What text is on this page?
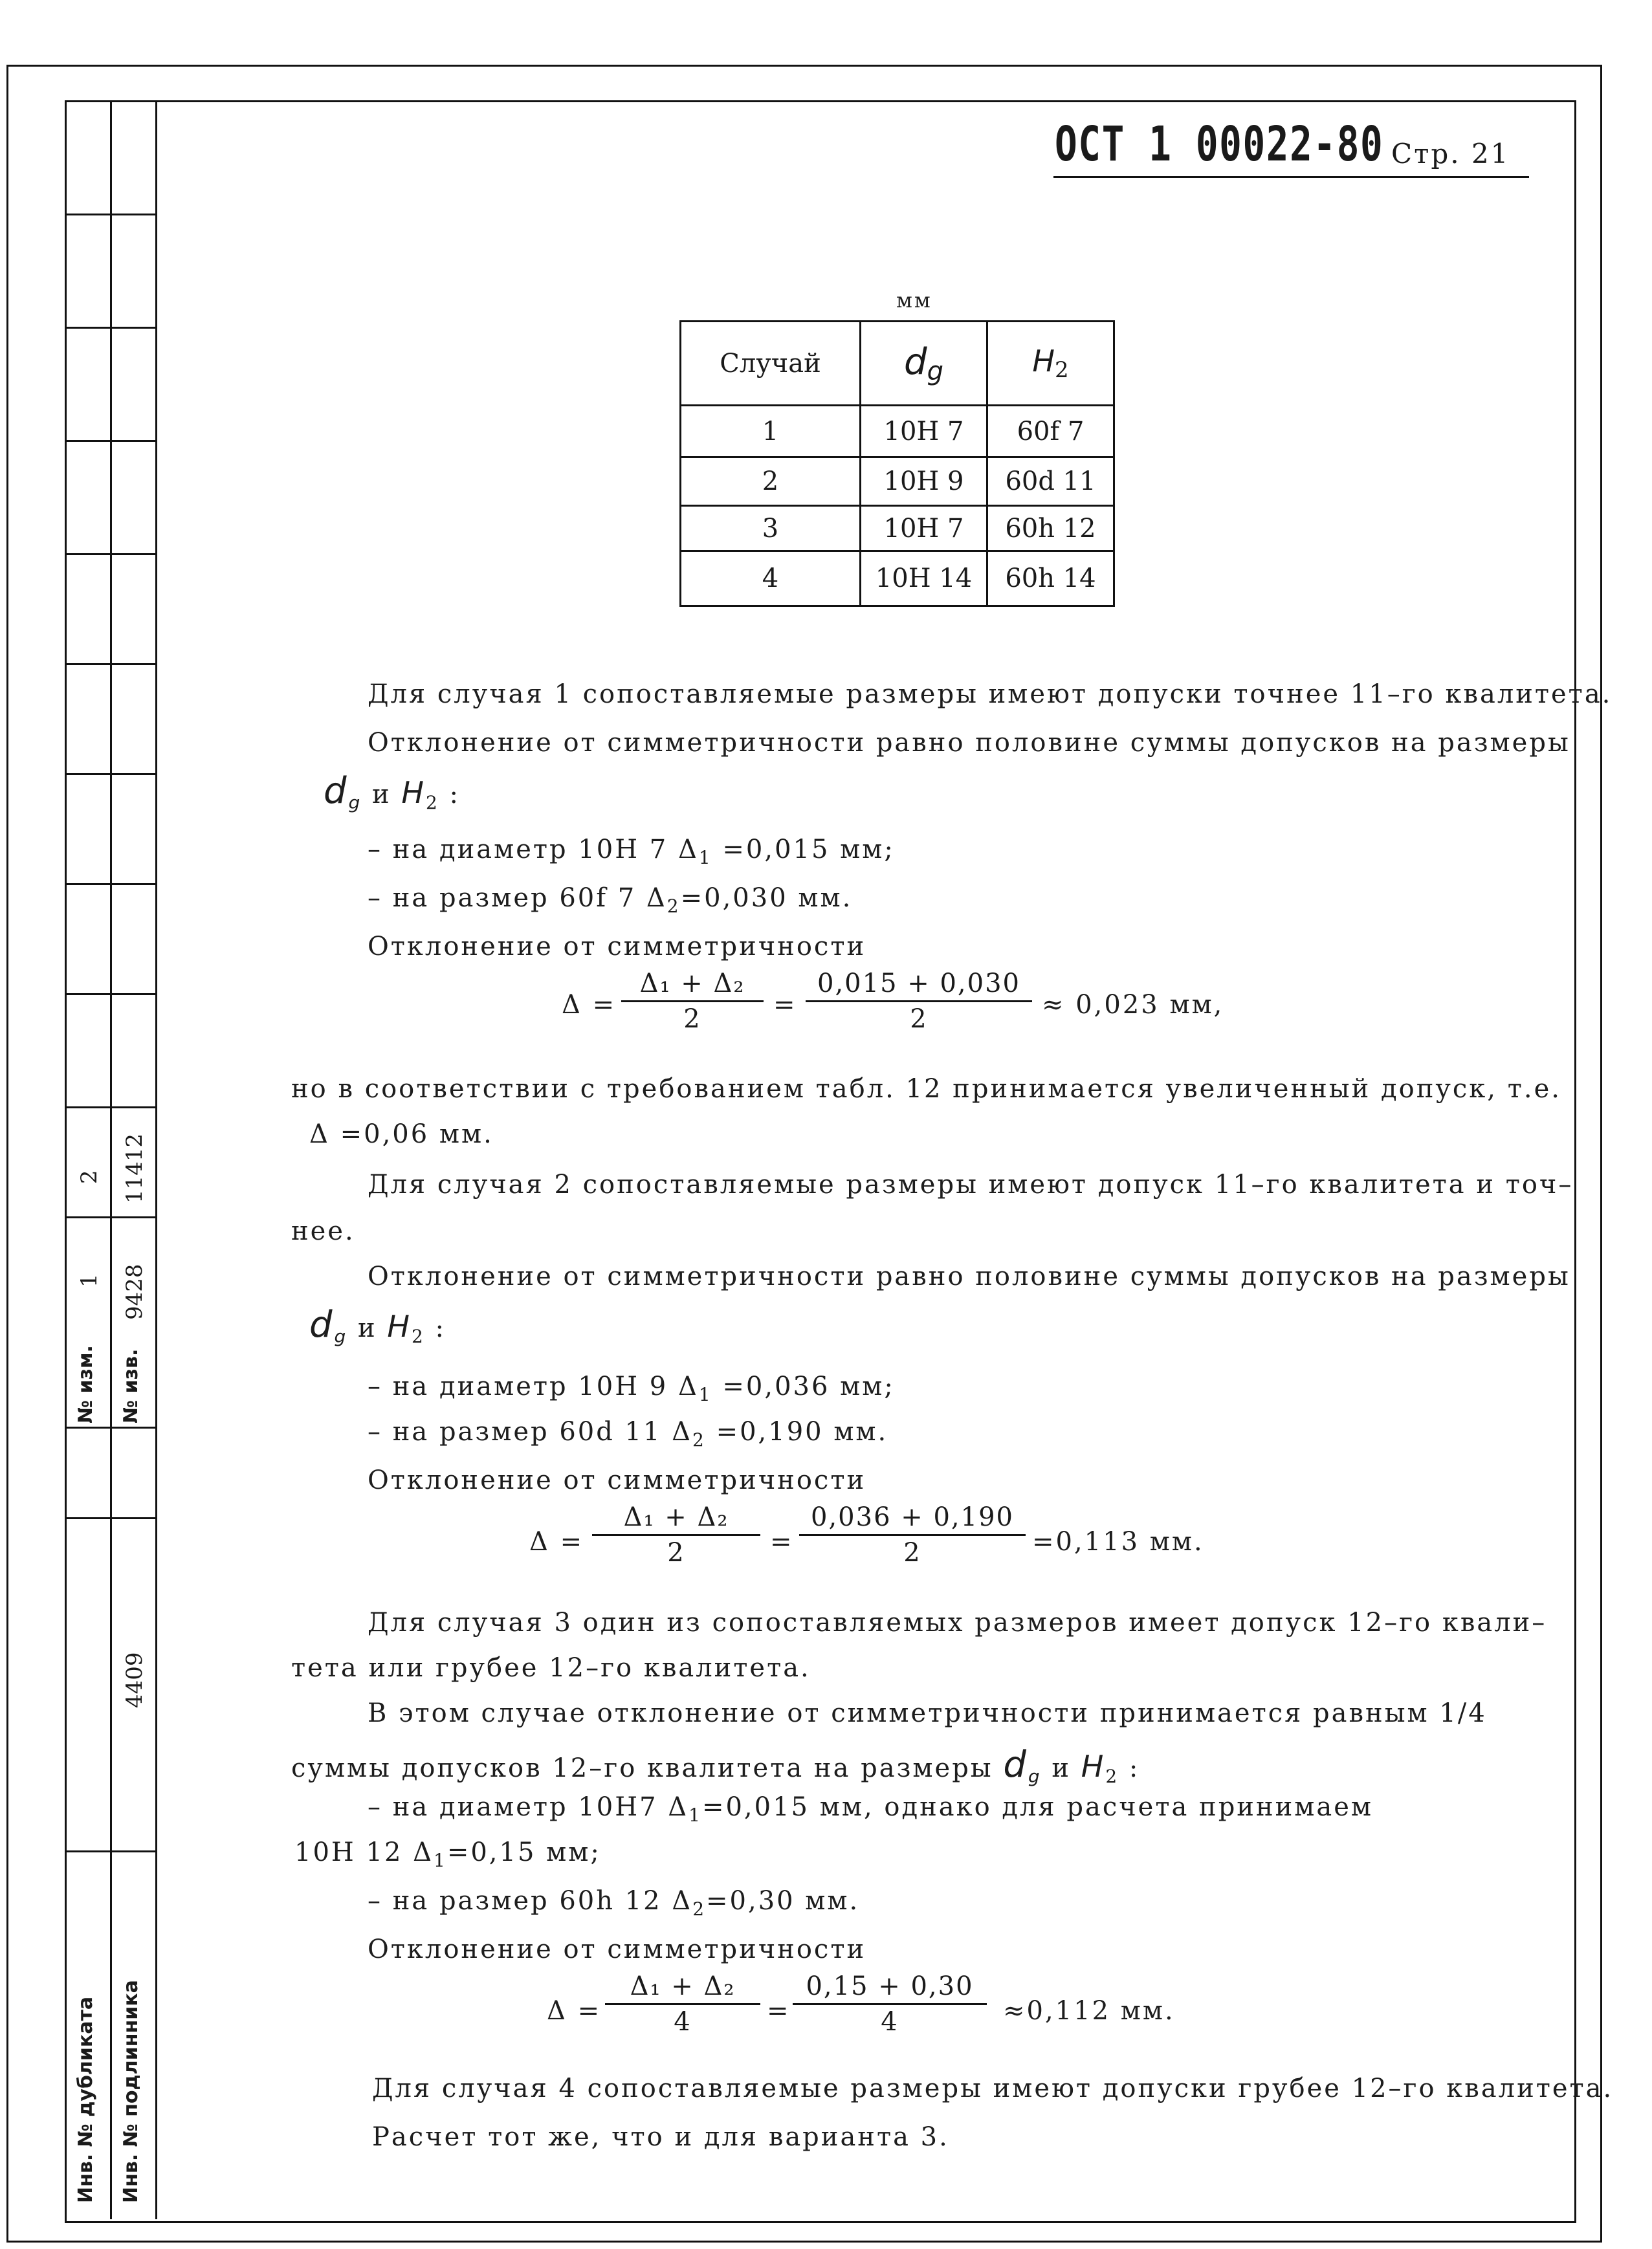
2 11412
1 9428
№ изм. № изв.
4409
Инв. № дубликата Инв. № подлинника
ОСТ 1 00022-80 Стр. 21
мм
Случай	$d_g$	$H_2$
1	10H 7	60f 7
2	10H 9	60d 11
3	10H 7	60h 12
4	10H 14	60h 14
Для случая 1 сопоставляемые размеры имеют допуски точнее 11–го квалитета.
Отклонение от симметричности равно половине суммы допусков на размеры
$d_g$ и $H_2$ :
– на диаметр 10H 7 $\Delta_1 =0,015$ мм;
– на размер 60f 7 $\Delta_2=0,030$ мм.
Отклонение от симметричности
Δ =
Δ₁ + Δ₂
2	=
0,015 + 0,030
2	≈ 0,023 мм,
но в соответствии с требованием табл. 12 принимается увеличенный допуск, т.е.
Δ =0,06 мм.
Для случая 2 сопоставляемые размеры имеют допуск 11–го квалитета и точ–
нее.
Отклонение от симметричности равно половине суммы допусков на размеры
$d_g$ и $H_2$ :
– на диаметр 10H 9 $\Delta_1 =0,036$ мм;
– на размер 60d 11 $\Delta_2 =0,190$ мм.
Отклонение от симметричности
Δ =
Δ₁ + Δ₂
2	=
0,036 + 0,190
2	=0,113 мм.
Для случая 3 один из сопоставляемых размеров имеет допуск 12–го квали–
тета или грубее 12–го квалитета.
В этом случае отклонение от симметричности принимается равным 1/4
суммы допусков 12–го квалитета на размеры $d_g$ и $H_2$ :
– на диаметр 10H7 $\Delta_1=0,015$ мм, однако для расчета принимаем
10H 12 $\Delta_1=0,15$ мм;
– на размер 60h 12 $\Delta_2=0,30$ мм.
Отклонение от симметричности
Δ =
Δ₁ + Δ₂
4	=
0,15 + 0,30
4	≈0,112 мм.
Для случая 4 сопоставляемые размеры имеют допуски грубее 12–го квалитета.
Расчет тот же, что и для варианта 3.
